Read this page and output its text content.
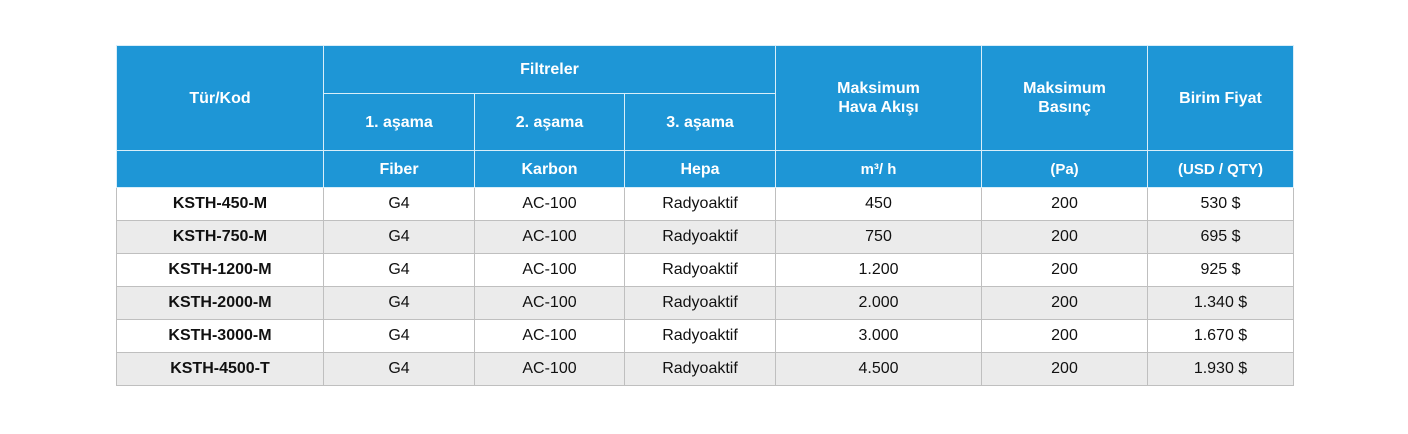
Tür/Kod	Filtreler			Maksimum Hava Akışı	Maksimum Basınç	Birim Fiyat
	1. aşama	2. aşama	3. aşama			
	Fiber	Karbon	Hepa	m³/ h	(Pa)	(USD / QTY)
KSTH-450-M	G4	AC-100	Radyoaktif	450	200	530 $
KSTH-750-M	G4	AC-100	Radyoaktif	750	200	695 $
KSTH-1200-M	G4	AC-100	Radyoaktif	1.200	200	925 $
KSTH-2000-M	G4	AC-100	Radyoaktif	2.000	200	1.340 $
KSTH-3000-M	G4	AC-100	Radyoaktif	3.000	200	1.670 $
KSTH-4500-T	G4	AC-100	Radyoaktif	4.500	200	1.930 $
